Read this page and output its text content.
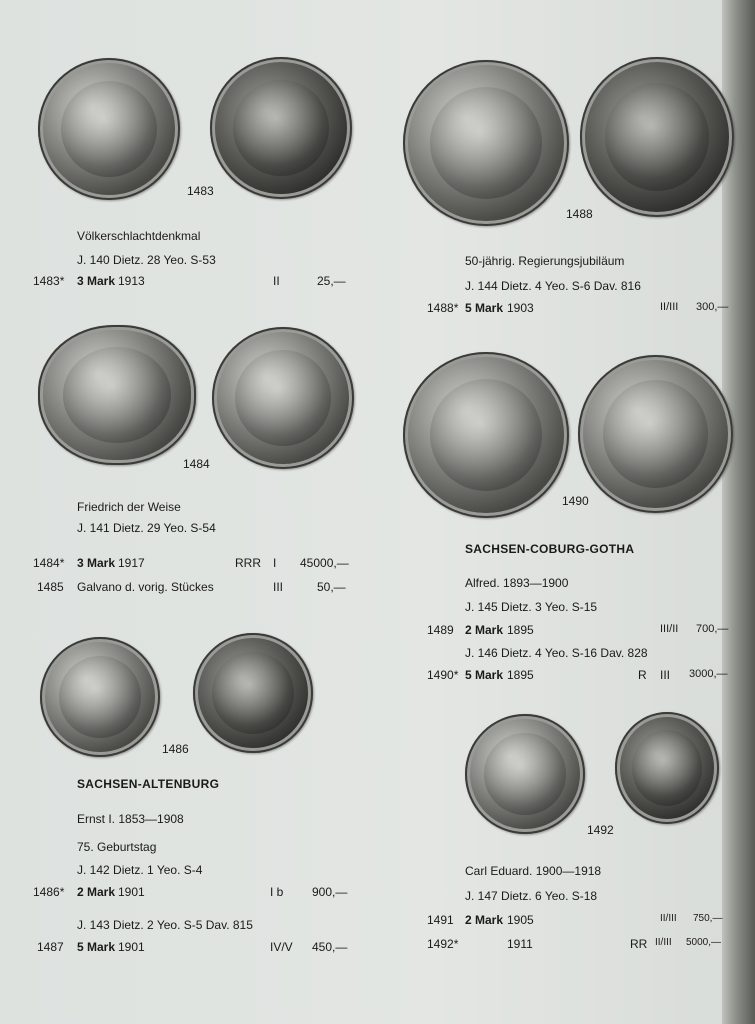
1483
Völkerschlachtdenkmal
J. 140 Dietz. 28 Yeo. S-53
1483* 3 Mark 1913	II	25,—
1484
Friedrich der Weise
J. 141 Dietz. 29 Yeo. S-54
1484* 3 Mark 1917	RRR I 45000,—
1485 Galvano d. vorig. Stückes	III	50,—
1486
SACHSEN-ALTENBURG
Ernst I. 1853—1908
75. Geburtstag
J. 142 Dietz. 1 Yeo. S-4
1486* 2 Mark 1901	I b 900,—
J. 143 Dietz. 2 Yeo. S-5 Dav. 815
1487 5 Mark 1901	IV/V 450,—
1488
50-jährig. Regierungsjubiläum
J. 144 Dietz. 4 Yeo. S-6 Dav. 816
1488* 5 Mark 1903	II/III 300,—
1490
SACHSEN-COBURG-GOTHA
Alfred. 1893—1900
J. 145 Dietz. 3 Yeo. S-15
1489 2 Mark 1895	III/II 700,—
J. 146 Dietz. 4 Yeo. S-16 Dav. 828
1490* 5 Mark 1895	R III 3000,—
1492
Carl Eduard. 1900—1918
J. 147 Dietz. 6 Yeo. S-18
1491 2 Mark 1905	II/III 750,—
1492*	1911	RR II/III 5000,—
